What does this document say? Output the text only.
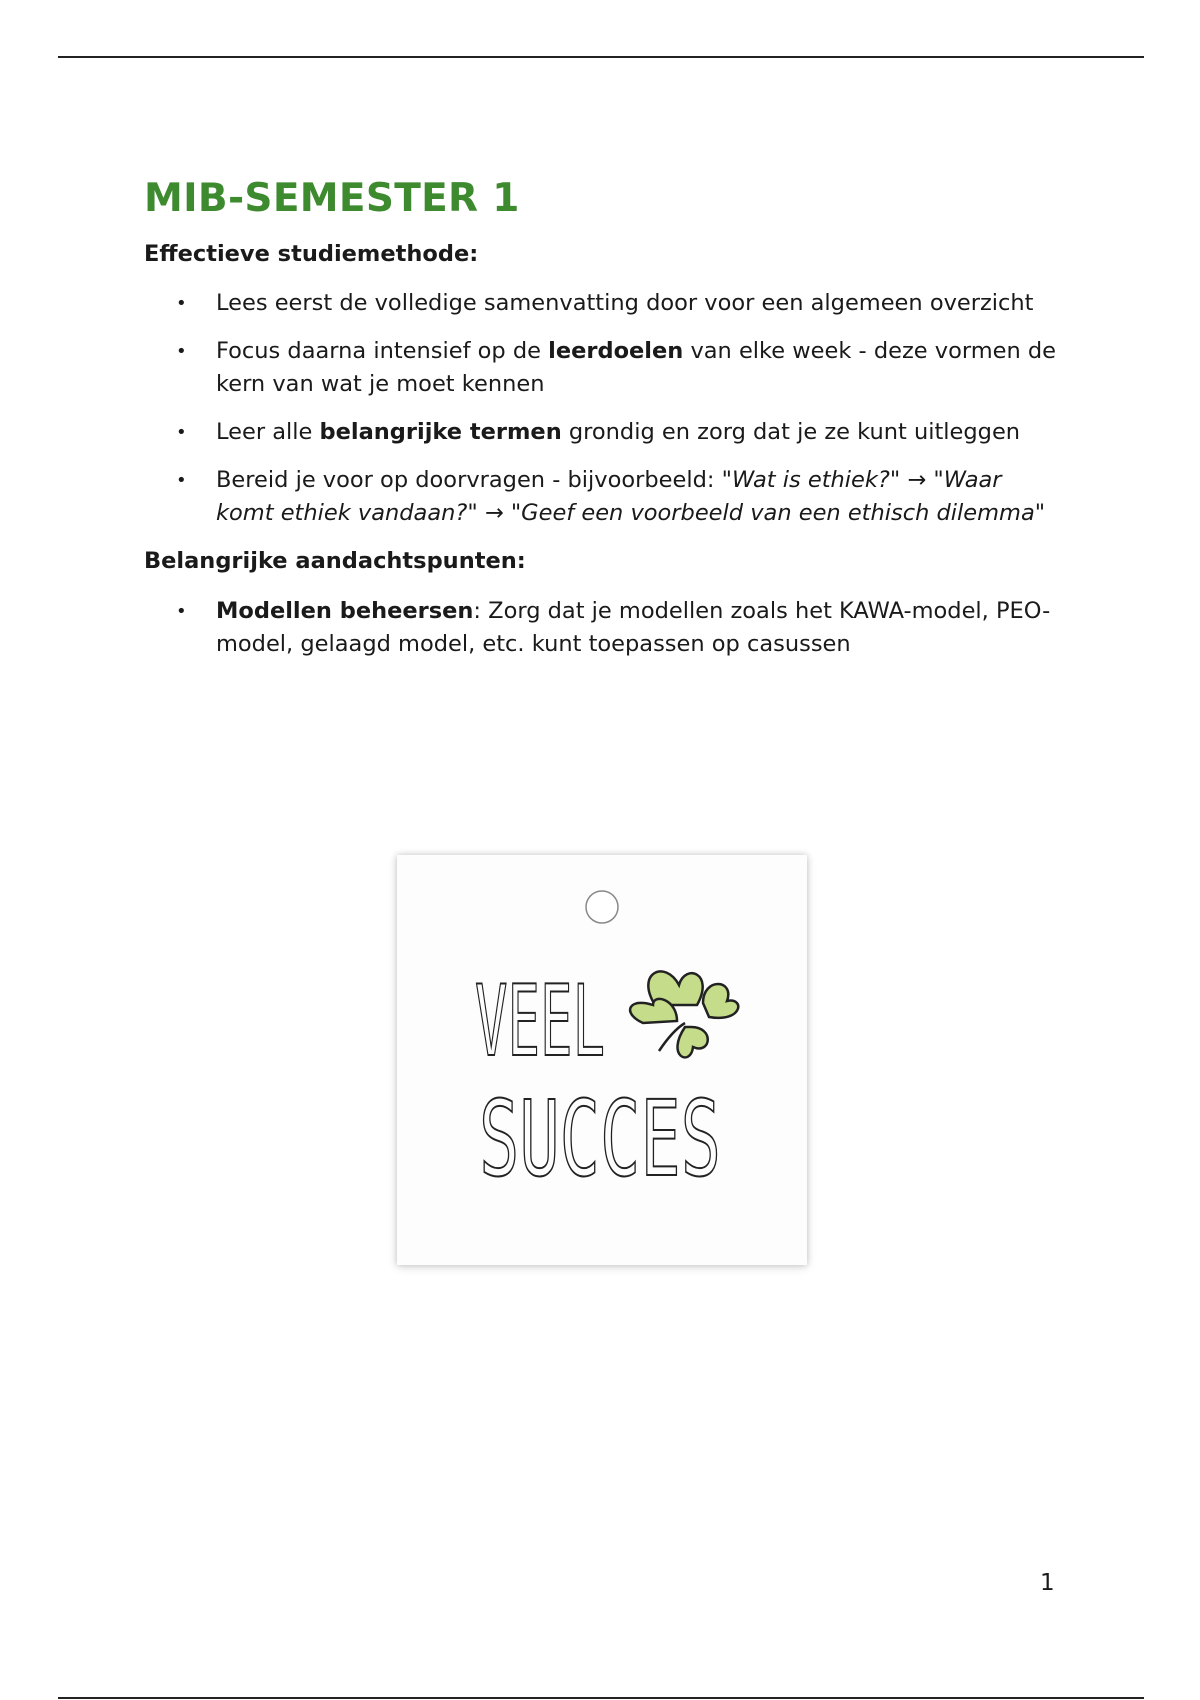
MIB-SEMESTER 1
Effectieve studiemethode:
• Lees eerst de volledige samenvatting door voor een algemeen overzicht
• Focus daarna intensief op de leerdoelen van elke week - deze vormen de kern van wat je moet kennen
• Leer alle belangrijke termen grondig en zorg dat je ze kunt uitleggen
• Bereid je voor op doorvragen - bijvoorbeeld: "Wat is ethiek?" → "Waar komt ethiek vandaan?" → "Geef een voorbeeld van een ethisch dilemma"
Belangrijke aandachtspunten:
• Modellen beheersen: Zorg dat je modellen zoals het KAWA-model, PEO-model, gelaagd model, etc. kunt toepassen op casussen
VEEL
SUCCES
1
